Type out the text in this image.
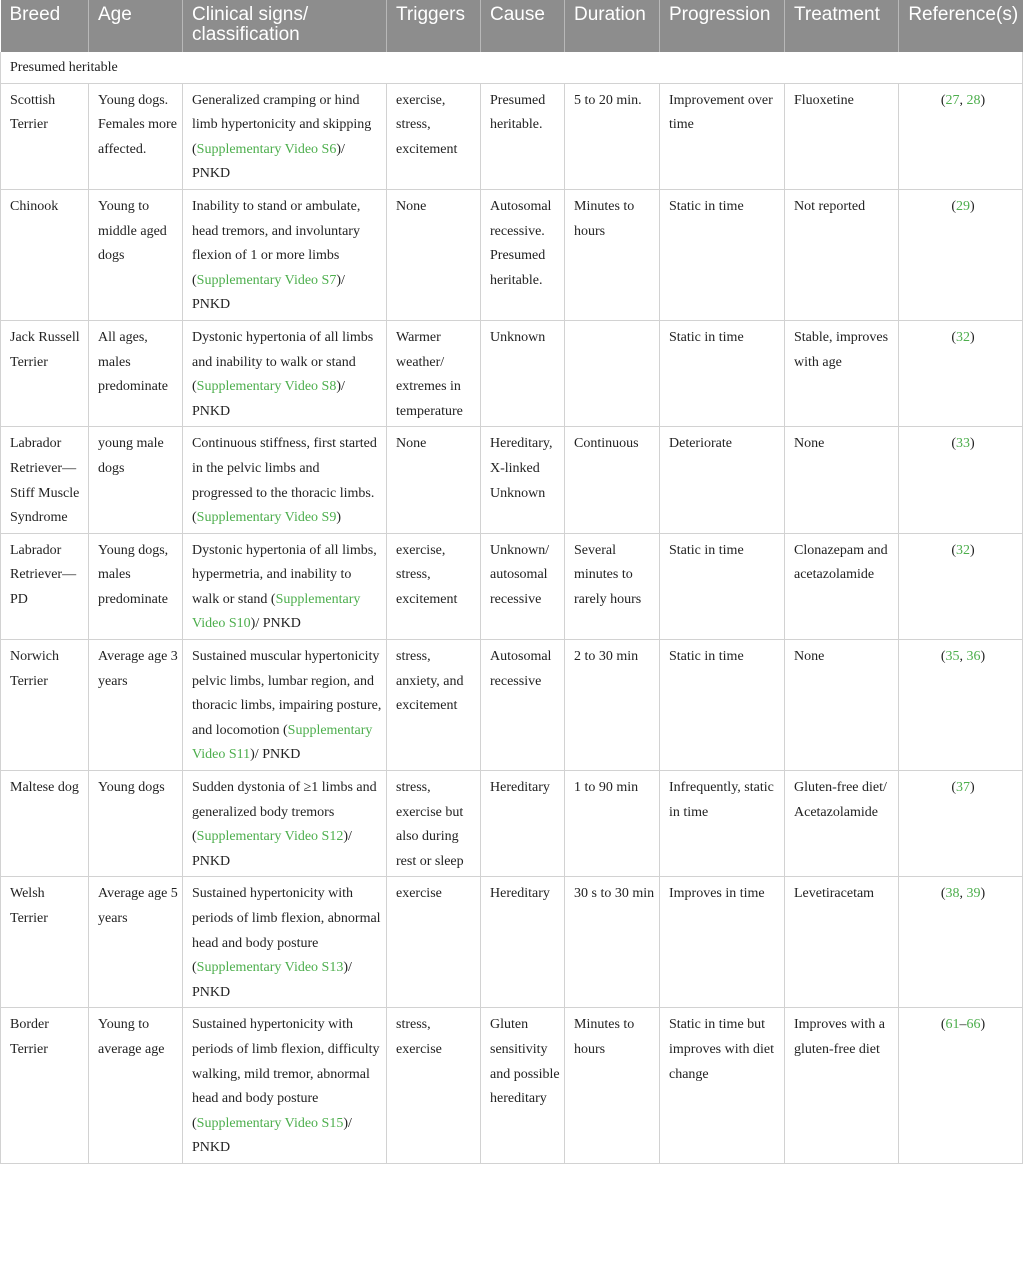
Breed	Age	Clinical signs/ classification	Triggers	Cause	Duration	Progression	Treatment	Reference(s)
Presumed heritable								
Scottish Terrier	Young dogs. Females more affected.	Generalized cramping or hind limb hypertonicity and skipping (Supplementary Video S6)/ PNKD	exercise, stress, excitement	Presumed heritable.	5 to 20 min.	Improvement over time	Fluoxetine	(27, 28)
Chinook	Young to middle aged dogs	Inability to stand or ambulate, head tremors, and involuntary flexion of 1 or more limbs (Supplementary Video S7)/ PNKD	None	Autosomal recessive. Presumed heritable.	Minutes to hours	Static in time	Not reported	(29)
Jack Russell Terrier	All ages, males predominate	Dystonic hypertonia of all limbs and inability to walk or stand (Supplementary Video S8)/ PNKD	Warmer weather/ extremes in temperature	Unknown		Static in time	Stable, improves with age	(32)
Labrador Retriever— Stiff Muscle Syndrome	young male dogs	Continuous stiffness, first started in the pelvic limbs and progressed to the thoracic limbs. (Supplementary Video S9)	None	Hereditary, X-linked Unknown	Continuous	Deteriorate	None	(33)
Labrador Retriever— PD	Young dogs, males predominate	Dystonic hypertonia of all limbs, hypermetria, and inability to walk or stand (Supplementary Video S10)/ PNKD	exercise, stress, excitement	Unknown/ autosomal recessive	Several minutes to rarely hours	Static in time	Clonazepam and acetazolamide	(32)
Norwich Terrier	Average age 3 years	Sustained muscular hypertonicity pelvic limbs, lumbar region, and thoracic limbs, impairing posture, and locomotion (Supplementary Video S11)/ PNKD	stress, anxiety, and excitement	Autosomal recessive	2 to 30 min	Static in time	None	(35, 36)
Maltese dog	Young dogs	Sudden dystonia of ≥1 limbs and generalized body tremors (Supplementary Video S12)/ PNKD	stress, exercise but also during rest or sleep	Hereditary	1 to 90 min	Infrequently, static in time	Gluten-free diet/ Acetazolamide	(37)
Welsh Terrier	Average age 5 years	Sustained hypertonicity with periods of limb flexion, abnormal head and body posture (Supplementary Video S13)/ PNKD	exercise	Hereditary	30 s to 30 min	Improves in time	Levetiracetam	(38, 39)
Border Terrier	Young to average age	Sustained hypertonicity with periods of limb flexion, difficulty walking, mild tremor, abnormal head and body posture (Supplementary Video S15)/ PNKD	stress, exercise	Gluten sensitivity and possible hereditary	Minutes to hours	Static in time but improves with diet change	Improves with a gluten-free diet	(61–66)
